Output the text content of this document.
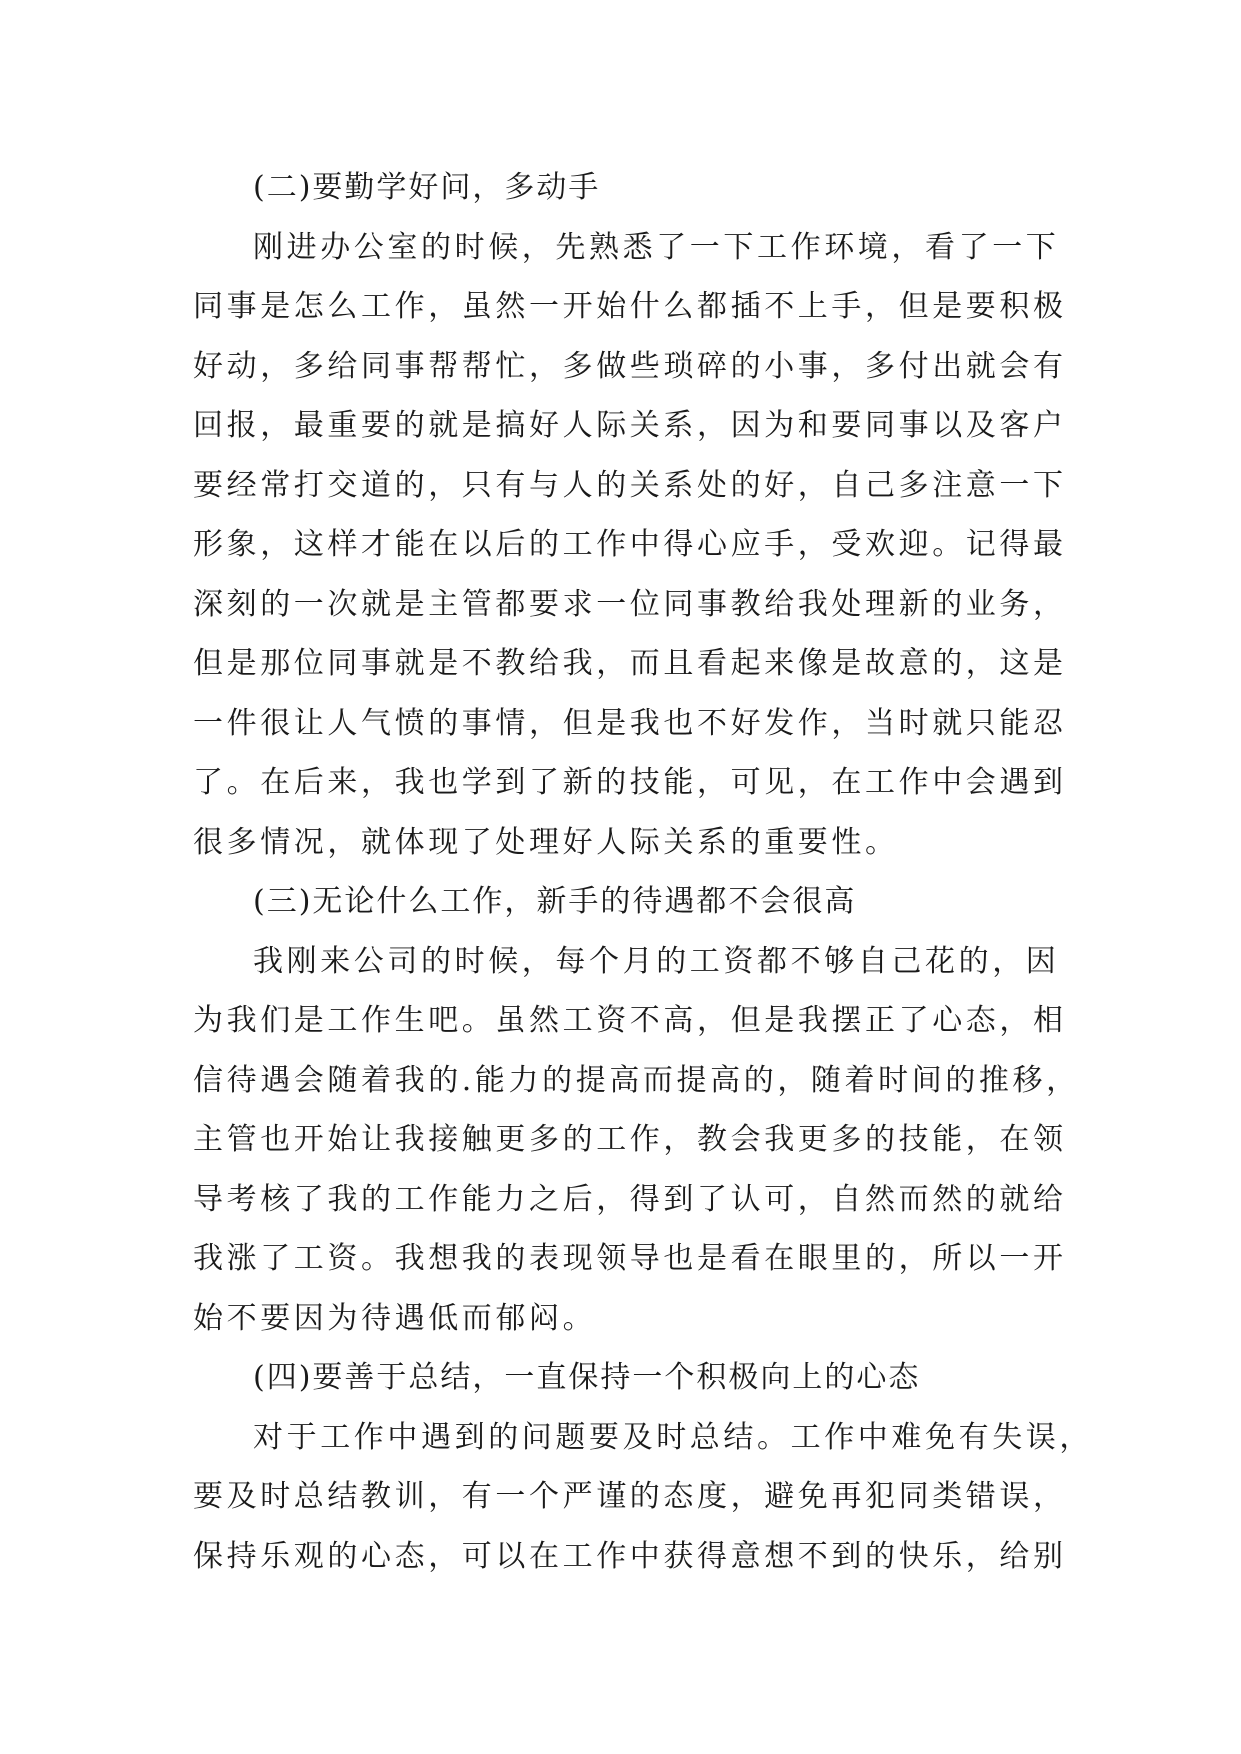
(二)要勤学好问，多动手
刚进办公室的时候，先熟悉了一下工作环境，看了一下
同事是怎么工作，虽然一开始什么都插不上手，但是要积极
好动，多给同事帮帮忙，多做些琐碎的小事，多付出就会有
回报，最重要的就是搞好人际关系，因为和要同事以及客户
要经常打交道的，只有与人的关系处的好，自己多注意一下
形象，这样才能在以后的工作中得心应手，受欢迎。记得最
深刻的一次就是主管都要求一位同事教给我处理新的业务，
但是那位同事就是不教给我，而且看起来像是故意的，这是
一件很让人气愤的事情，但是我也不好发作，当时就只能忍
了。在后来，我也学到了新的技能，可见，在工作中会遇到
很多情况，就体现了处理好人际关系的重要性。
(三)无论什么工作，新手的待遇都不会很高
我刚来公司的时候，每个月的工资都不够自己花的，因
为我们是工作生吧。虽然工资不高，但是我摆正了心态，相
信待遇会随着我的.能力的提高而提高的，随着时间的推移，
主管也开始让我接触更多的工作，教会我更多的技能，在领
导考核了我的工作能力之后，得到了认可，自然而然的就给
我涨了工资。我想我的表现领导也是看在眼里的，所以一开
始不要因为待遇低而郁闷。
(四)要善于总结，一直保持一个积极向上的心态
对于工作中遇到的问题要及时总结。工作中难免有失误，
要及时总结教训，有一个严谨的态度，避免再犯同类错误，
保持乐观的心态，可以在工作中获得意想不到的快乐，给别
